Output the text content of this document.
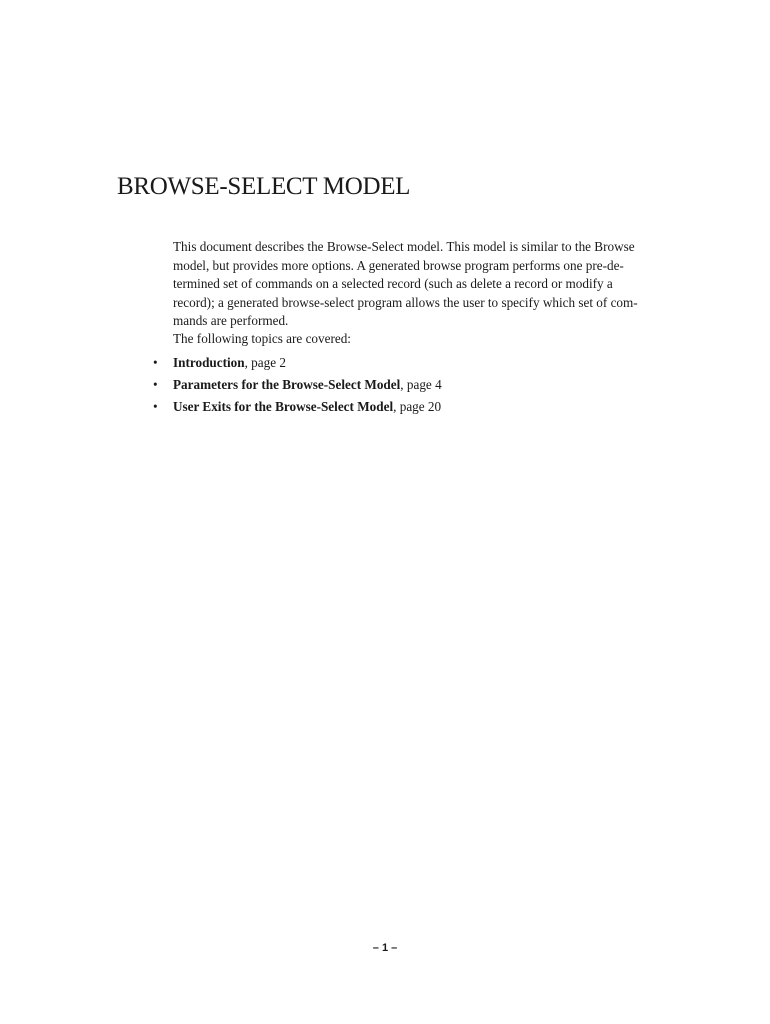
BROWSE-SELECT MODEL

This document describes the Browse-Select model. This model is similar to the Browse

model, but provides more options. A generated browse program performs one pre-de-

termined set of commands on a selected record (such as delete a record or modify a

record); a generated browse-select program allows the user to specify which set of com-

mands are performed.

The following topics are covered:

• Introduction, page 2
• Parameters for the Browse-Select Model, page 4
• User Exits for the Browse-Select Model, page 20
– 1 –
